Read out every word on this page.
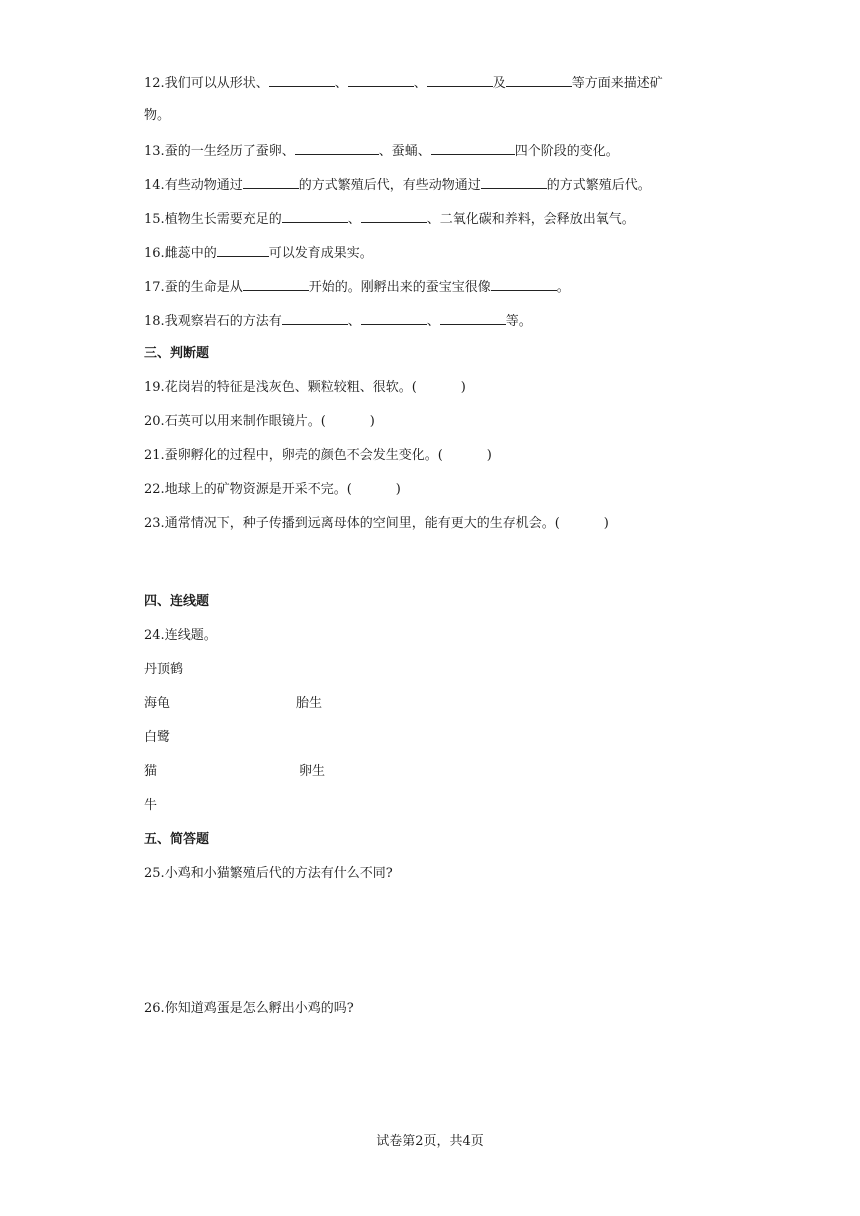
12.我们可以从形状、	、	、	及	等方面来描述矿
物。
13.蚕的一生经历了蚕卵、	、蚕蛹、	四个阶段的变化。
14.有些动物通过	的方式繁殖后代，有些动物通过	的方式繁殖后代。
15.植物生长需要充足的	、	、二氧化碳和养料，会释放出氧气。
16.雌蕊中的	可以发育成果实。
17.蚕的生命是从	开始的。刚孵出来的蚕宝宝很像	。
18.我观察岩石的方法有	、	、	等。
三、判断题
19.花岗岩的特征是浅灰色、颗粒较粗、很软。(	)
20.石英可以用来制作眼镜片。(	)
21.蚕卵孵化的过程中，卵壳的颜色不会发生变化。(	)
22.地球上的矿物资源是开采不完。(	)
23.通常情况下，种子传播到远离母体的空间里，能有更大的生存机会。(	)
四、连线题
24.连线题。
丹顶鹤
海龟
白鹭
猫
牛
胎生
卵生
五、简答题
25.小鸡和小猫繁殖后代的方法有什么不同?
26.你知道鸡蛋是怎么孵出小鸡的吗?
试卷第2页，共4页
